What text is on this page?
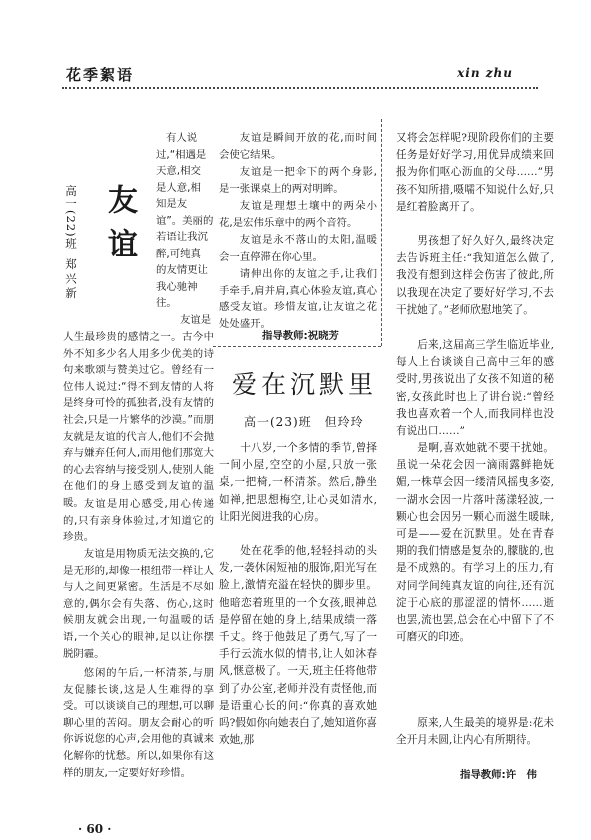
花季絮语	xin zhu
友谊
高一(22)班
郑兴新
有人说
过,“相遇是
天意,相交
是人意,相
知是友
谊”。美丽的
若语让我沉
醉,可纯真
的友情更让
我心驰神
往。
友谊是

人生最珍贵的感情之一。古今中外不知多少名人用多少优美的诗句来歌颂与赞美过它。曾经有一位伟人说过:“得不到友情的人将是终身可怜的孤独者,没有友情的社会,只是一片繁华的沙漠。”而朋友就是友谊的代言人,他们不会抛弃与嫌弃任何人,而用他们那宽大的心去容纳与接受别人,使别人能在他们的身上感受到友谊的温暖。 友谊是用心感受,用心传递的,只有亲身体验过,才知道它的珍贵。

友谊是用物质无法交换的,它是无形的,却像一根纽带一样让人与人之间更紧密。生活是不尽如意的,偶尔会有失落、伤心,这时候朋友就会出现,一句温暖的话语,一个关心的眼神,足以让你摆脱阴霾。

悠闲的午后,一杯清茶,与朋友促膝长谈,这是人生难得的享受。可以谈谈自己的理想,可以聊聊心里的苦闷。朋友会耐心的听你诉说您的心声,会用他的真诚来化解你的忧愁。所以,如果你有这样的朋友,一定要好好珍惜。

友谊是瞬间开放的花,而时间会使它结果。

友谊是一把伞下的两个身影,是一张课桌上的两对明眸。

友谊是理想土壤中的两朵小花,是宏伟乐章中的两个音符。

友谊是永不落山的太阳,温暖会一直停滞在你心里。

请伸出你的友谊之手,让我们手牵手,肩并肩,真心体验友谊,真心感受友谊。珍惜友谊,让友谊之花处处盛开。

指导教师:祝晓芳
爱在沉默里
高一(23)班　但玲玲

十八岁,一个多情的季节,曾择一间小屋,空空的小屋,只放一张桌,一把椅,一杯清茶。然后,静坐如禅,把思想梅空,让心灵如清水,让阳光阅进我的心房。

处在花季的他,轻轻抖动的头发,一袭休闲短袖的服饰,阳光写在脸上,激情充溢在轻快的脚步里。他暗恋着班里的一个女孩,眼神总是停留在她的身上,结果成绩一落千丈。终于他鼓足了勇气,写了一手行云流水似的情书,让人如沐春风,惬意极了。一天,班主任将他带到了办公室,老师并没有责怪他,而是语重心长的问:“你真的喜欢她吗?假如你向她表白了,她知道你喜欢她,那

又将会怎样呢?现阶段你们的主要任务是好好学习,用优异成绩来回报为你们呕心沥血的父母……”男孩不知所措,嗫嚅不知说什么好,只是红着脸离开了。

男孩想了好久好久,最终决定去告诉班主任:“我知道怎么做了,我没有想到这样会伤害了彼此,所以我现在决定了要好好学习,不去干扰她了。”老师欣慰地笑了。

后来,这届高三学生临近毕业,每人上台谈谈自己高中三年的感受时,男孩说出了女孩不知道的秘密,女孩此时也上了讲台说:“曾经我也喜欢着一个人,而我同样也没有说出口……”

是啊,喜欢她就不要干扰她。虽说一朵花会因一滴雨露鲜艳妩媚,一株草会因一缕清风摇曳多姿,一湖水会因一片落叶荡漾轻波,一颗心也会因另一颗心而滋生暖昧,可是——爱在沉默里。处在青春期的我们情感是复杂的,朦胧的,也是不成熟的。有学习上的压力,有对同学间纯真友谊的向往,还有沉淀于心底的那涩涩的情怀……逝也罢,流也罢,总会在心中留下了不可磨灭的印迹。

原来,人生最美的境界是:花未全开月未圆,让内心有所期待。

指导教师:许　伟
· 60 ·
